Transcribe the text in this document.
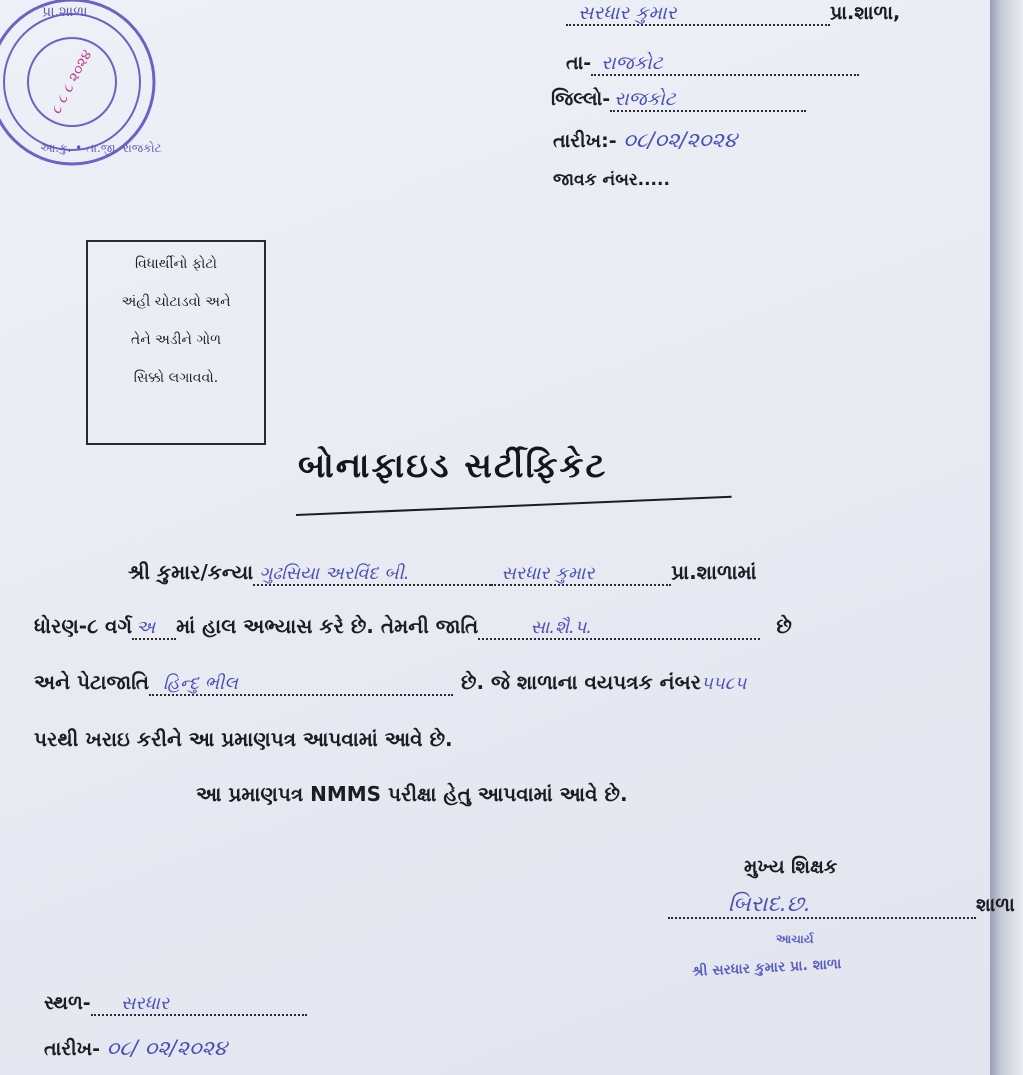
પ્રા.શાળા
આ.કુ. • તા.જી. રાજકોટ
૮ ૮ ૮ ૨૦૨૪
સરધાર કુમાર	પ્રા.શાળા,
તા- રાજકોટ
જિલ્લો- રાજકોટ
તારીખ:- ૦૮/૦૨/૨૦૨૪
જાવક નંબર.....
વિધાર્થીનો ફોટો
અંહી ચોટાડવો અને
તેને અડીને ગોળ
સિક્કો લગાવવો.
બોનાફાઇડ સર્ટીફિકેટ
શ્રી કુમાર/કન્યા ગુઢસિયા અરવિંદ બી.	સરધાર કુમાર	પ્રા.શાળામાં
ધોરણ-૮ વર્ગ અ માં હાલ અભ્યાસ કરે છે. તેમની જાતિ	સા.શૈ.પ.	છે
અને પેટાજાતિ હિન્દુ ભીલ	છે. જે શાળાના વયપત્રક નંબર૫૫૮૫
પરથી ખરાઇ કરીને આ પ્રમાણપત્ર આપવામાં આવે છે.
આ પ્રમાણપત્ર NMMS પરીક્ષા હેતુ આપવામાં આવે છે.
મુખ્ય શિક્ષક
બિરાદ.છ.	શાળા
આચાર્ય
શ્રી સરધાર કુમાર પ્રા. શાળા
સ્થળ- સરધાર
તારીખ- ૦૮/ ૦૨/૨૦૨૪
